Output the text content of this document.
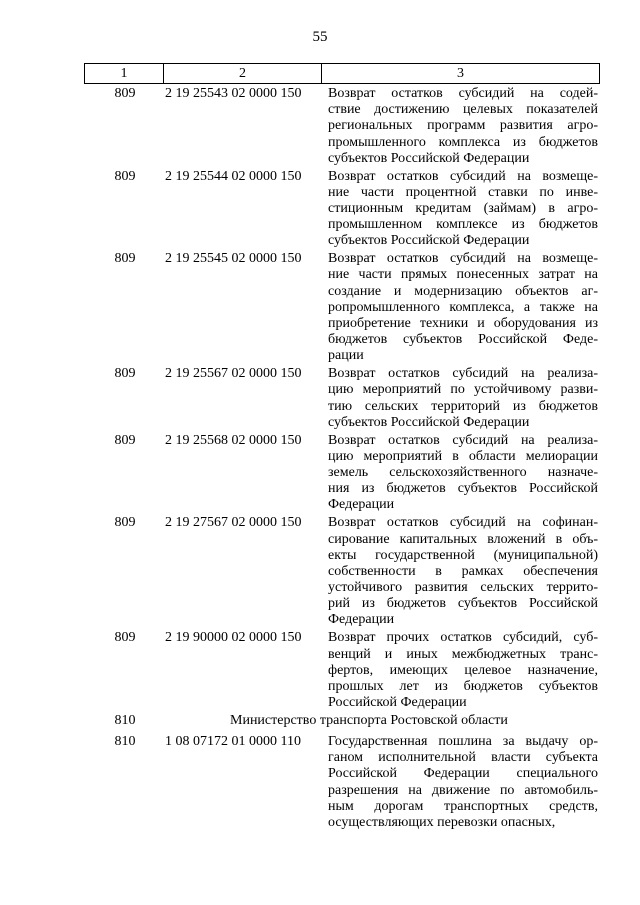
55
1	2	3
809	2 19 25543 02 0000 150 Возврат остатков субсидий на содей-
ствие достижению целевых показателей
региональных программ развития агро-
промышленного комплекса из бюджетов
субъектов Российской Федерации
809	2 19 25544 02 0000 150 Возврат остатков субсидий на возмеще-
ние части процентной ставки по инве-
стиционным кредитам (займам) в агро-
промышленном комплексе из бюджетов
субъектов Российской Федерации
809	2 19 25545 02 0000 150 Возврат остатков субсидий на возмеще-
ние части прямых понесенных затрат на
создание и модернизацию объектов аг-
ропромышленного комплекса, а также на
приобретение техники и оборудования из
бюджетов субъектов Российской Феде-
рации
809	2 19 25567 02 0000 150 Возврат остатков субсидий на реализа-
цию мероприятий по устойчивому разви-
тию сельских территорий из бюджетов
субъектов Российской Федерации
809	2 19 25568 02 0000 150 Возврат остатков субсидий на реализа-
цию мероприятий в области мелиорации
земель сельскохозяйственного назначе-
ния из бюджетов субъектов Российской
Федерации
809	2 19 27567 02 0000 150 Возврат остатков субсидий на софинан-
сирование капитальных вложений в объ-
екты государственной (муниципальной)
собственности в рамках обеспечения
устойчивого развития сельских террито-
рий из бюджетов субъектов Российской
Федерации
809	2 19 90000 02 0000 150 Возврат прочих остатков субсидий, суб-
венций и иных межбюджетных транс-
фертов, имеющих целевое назначение,
прошлых лет из бюджетов субъектов
Российской Федерации
810	Министерство транспорта Ростовской области
810	1 08 07172 01 0000 110 Государственная пошлина за выдачу ор-
ганом исполнительной власти субъекта
Российской Федерации специального
разрешения на движение по автомобиль-
ным дорогам транспортных средств,
осуществляющих перевозки опасных,
